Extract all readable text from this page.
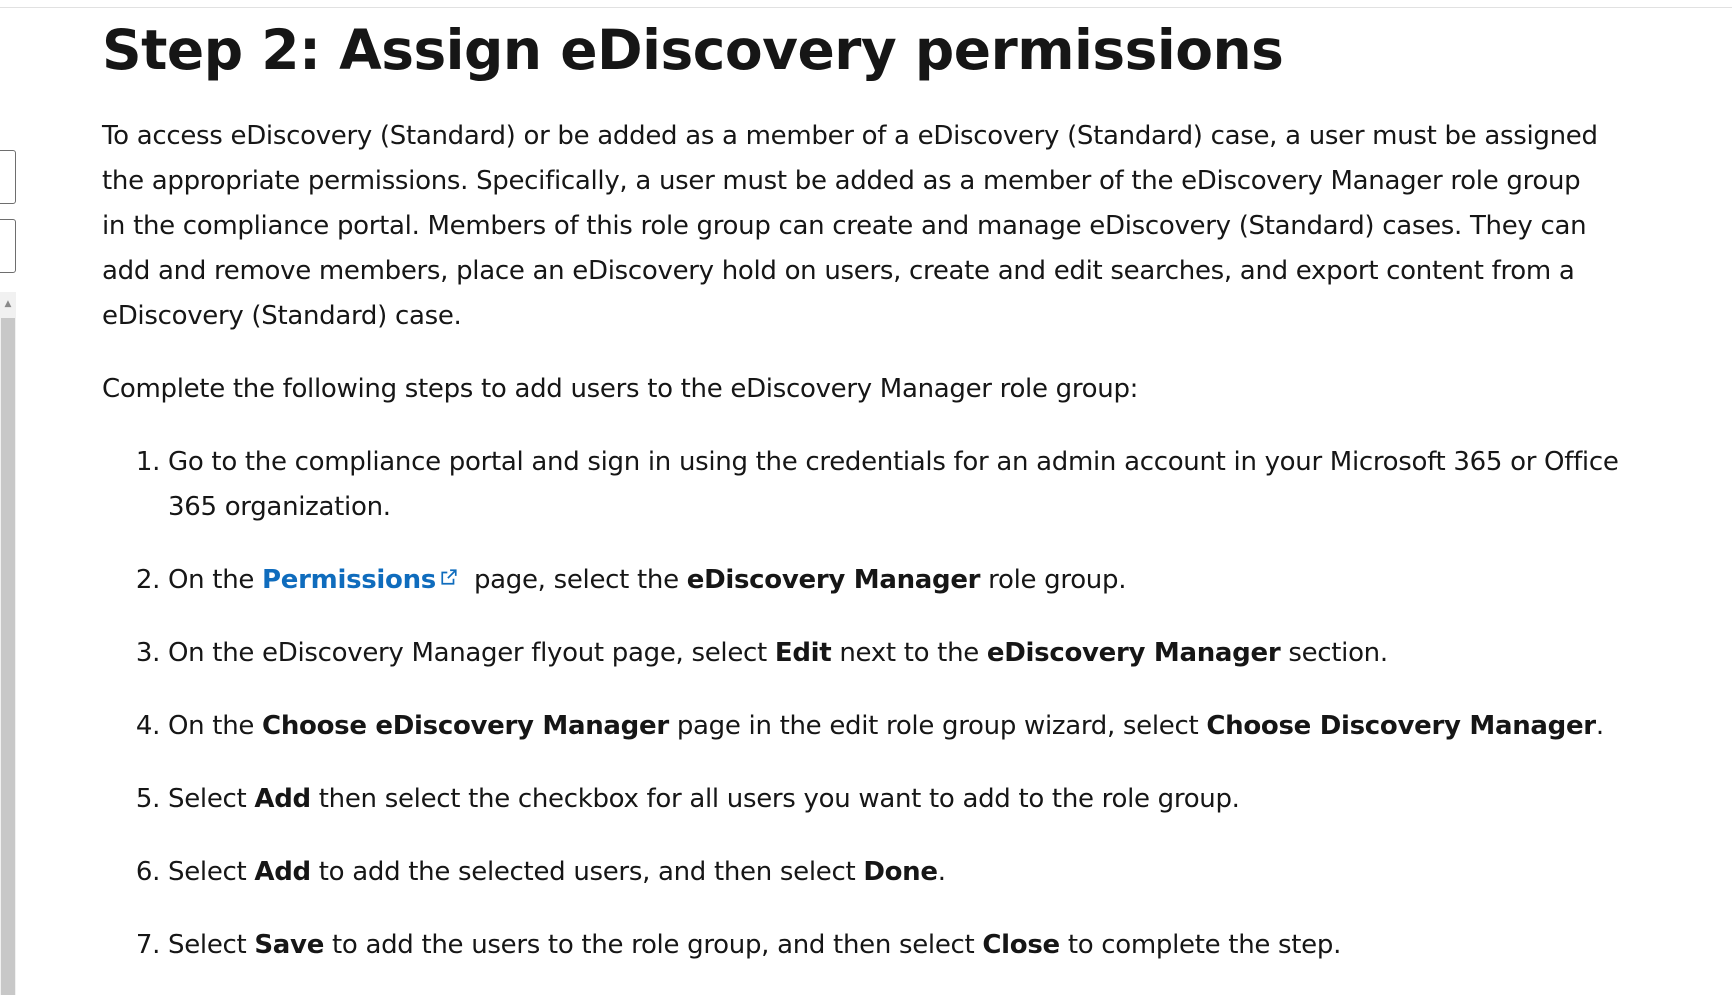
▲
Step 2: Assign eDiscovery permissions

To access eDiscovery (Standard) or be added as a member of a eDiscovery (Standard) case, a user must be assigned the appropriate permissions. Specifically, a user must be added as a member of the eDiscovery Manager role group in the compliance portal. Members of this role group can create and manage eDiscovery (Standard) cases. They can add and remove members, place an eDiscovery hold on users, create and edit searches, and export content from a eDiscovery (Standard) case.

Complete the following steps to add users to the eDiscovery Manager role group:

1. Go to the compliance portal and sign in using the credentials for an admin account in your Microsoft 365 or Office 365 organization.
2. On the Permissions page, select the eDiscovery Manager role group.
3. On the eDiscovery Manager flyout page, select Edit next to the eDiscovery Manager section.
4. On the Choose eDiscovery Manager page in the edit role group wizard, select Choose Discovery Manager.
5. Select Add then select the checkbox for all users you want to add to the role group.
6. Select Add to add the selected users, and then select Done.
7. Select Save to add the users to the role group, and then select Close to complete the step.
